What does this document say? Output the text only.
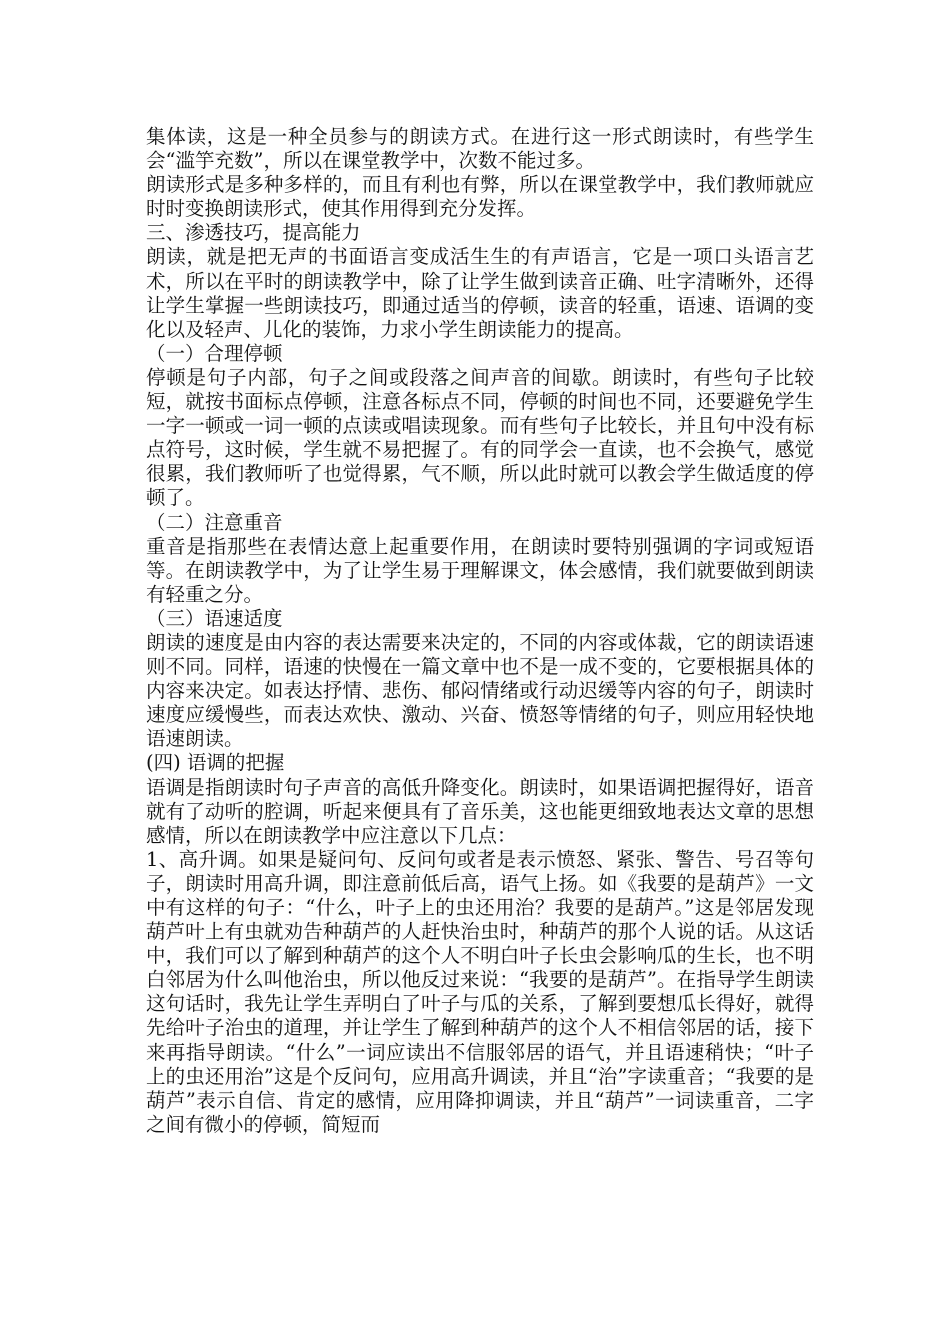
集体读，这是一种全员参与的朗读方式。在进行这一形式朗读时，有些学生会“滥竽充数”，所以在课堂教学中，次数不能过多。

朗读形式是多种多样的，而且有利也有弊，所以在课堂教学中，我们教师就应时时变换朗读形式，使其作用得到充分发挥。

三、渗透技巧，提高能力

朗读，就是把无声的书面语言变成活生生的有声语言，它是一项口头语言艺术，所以在平时的朗读教学中，除了让学生做到读音正确、吐字清晰外，还得让学生掌握一些朗读技巧，即通过适当的停顿，读音的轻重，语速、语调的变化以及轻声、儿化的装饰，力求小学生朗读能力的提高。

（一）合理停顿

停顿是句子内部，句子之间或段落之间声音的间歇。朗读时，有些句子比较短，就按书面标点停顿，注意各标点不同，停顿的时间也不同，还要避免学生一字一顿或一词一顿的点读或唱读现象。而有些句子比较长，并且句中没有标点符号，这时候，学生就不易把握了。有的同学会一直读，也不会换气，感觉很累，我们教师听了也觉得累，气不顺，所以此时就可以教会学生做适度的停顿了。

（二）注意重音

重音是指那些在表情达意上起重要作用，在朗读时要特别强调的字词或短语等。在朗读教学中，为了让学生易于理解课文，体会感情，我们就要做到朗读有轻重之分。

（三）语速适度

朗读的速度是由内容的表达需要来决定的，不同的内容或体裁，它的朗读语速则不同。同样，语速的快慢在一篇文章中也不是一成不变的，它要根据具体的内容来决定。如表达抒情、悲伤、郁闷情绪或行动迟缓等内容的句子，朗读时速度应缓慢些，而表达欢快、激动、兴奋、愤怒等情绪的句子，则应用轻快地语速朗读。

(四) 语调的把握

语调是指朗读时句子声音的高低升降变化。朗读时，如果语调把握得好，语音就有了动听的腔调，听起来便具有了音乐美，这也能更细致地表达文章的思想感情，所以在朗读教学中应注意以下几点：

1、高升调。如果是疑问句、反问句或者是表示愤怒、紧张、警告、号召等句子，朗读时用高升调，即注意前低后高，语气上扬。如《我要的是葫芦》一文中有这样的句子：“什么，叶子上的虫还用治？我要的是葫芦。”这是邻居发现葫芦叶上有虫就劝告种葫芦的人赶快治虫时，种葫芦的那个人说的话。从这话中，我们可以了解到种葫芦的这个人不明白叶子长虫会影响瓜的生长，也不明白邻居为什么叫他治虫，所以他反过来说：“我要的是葫芦”。在指导学生朗读这句话时，我先让学生弄明白了叶子与瓜的关系，了解到要想瓜长得好，就得先给叶子治虫的道理，并让学生了解到种葫芦的这个人不相信邻居的话，接下来再指导朗读。“什么”一词应读出不信服邻居的语气，并且语速稍快；“叶子上的虫还用治”这是个反问句，应用高升调读，并且“治”字读重音；“我要的是葫芦”表示自信、肯定的感情，应用降抑调读，并且“葫芦”一词读重音，二字之间有微小的停顿，简短而
